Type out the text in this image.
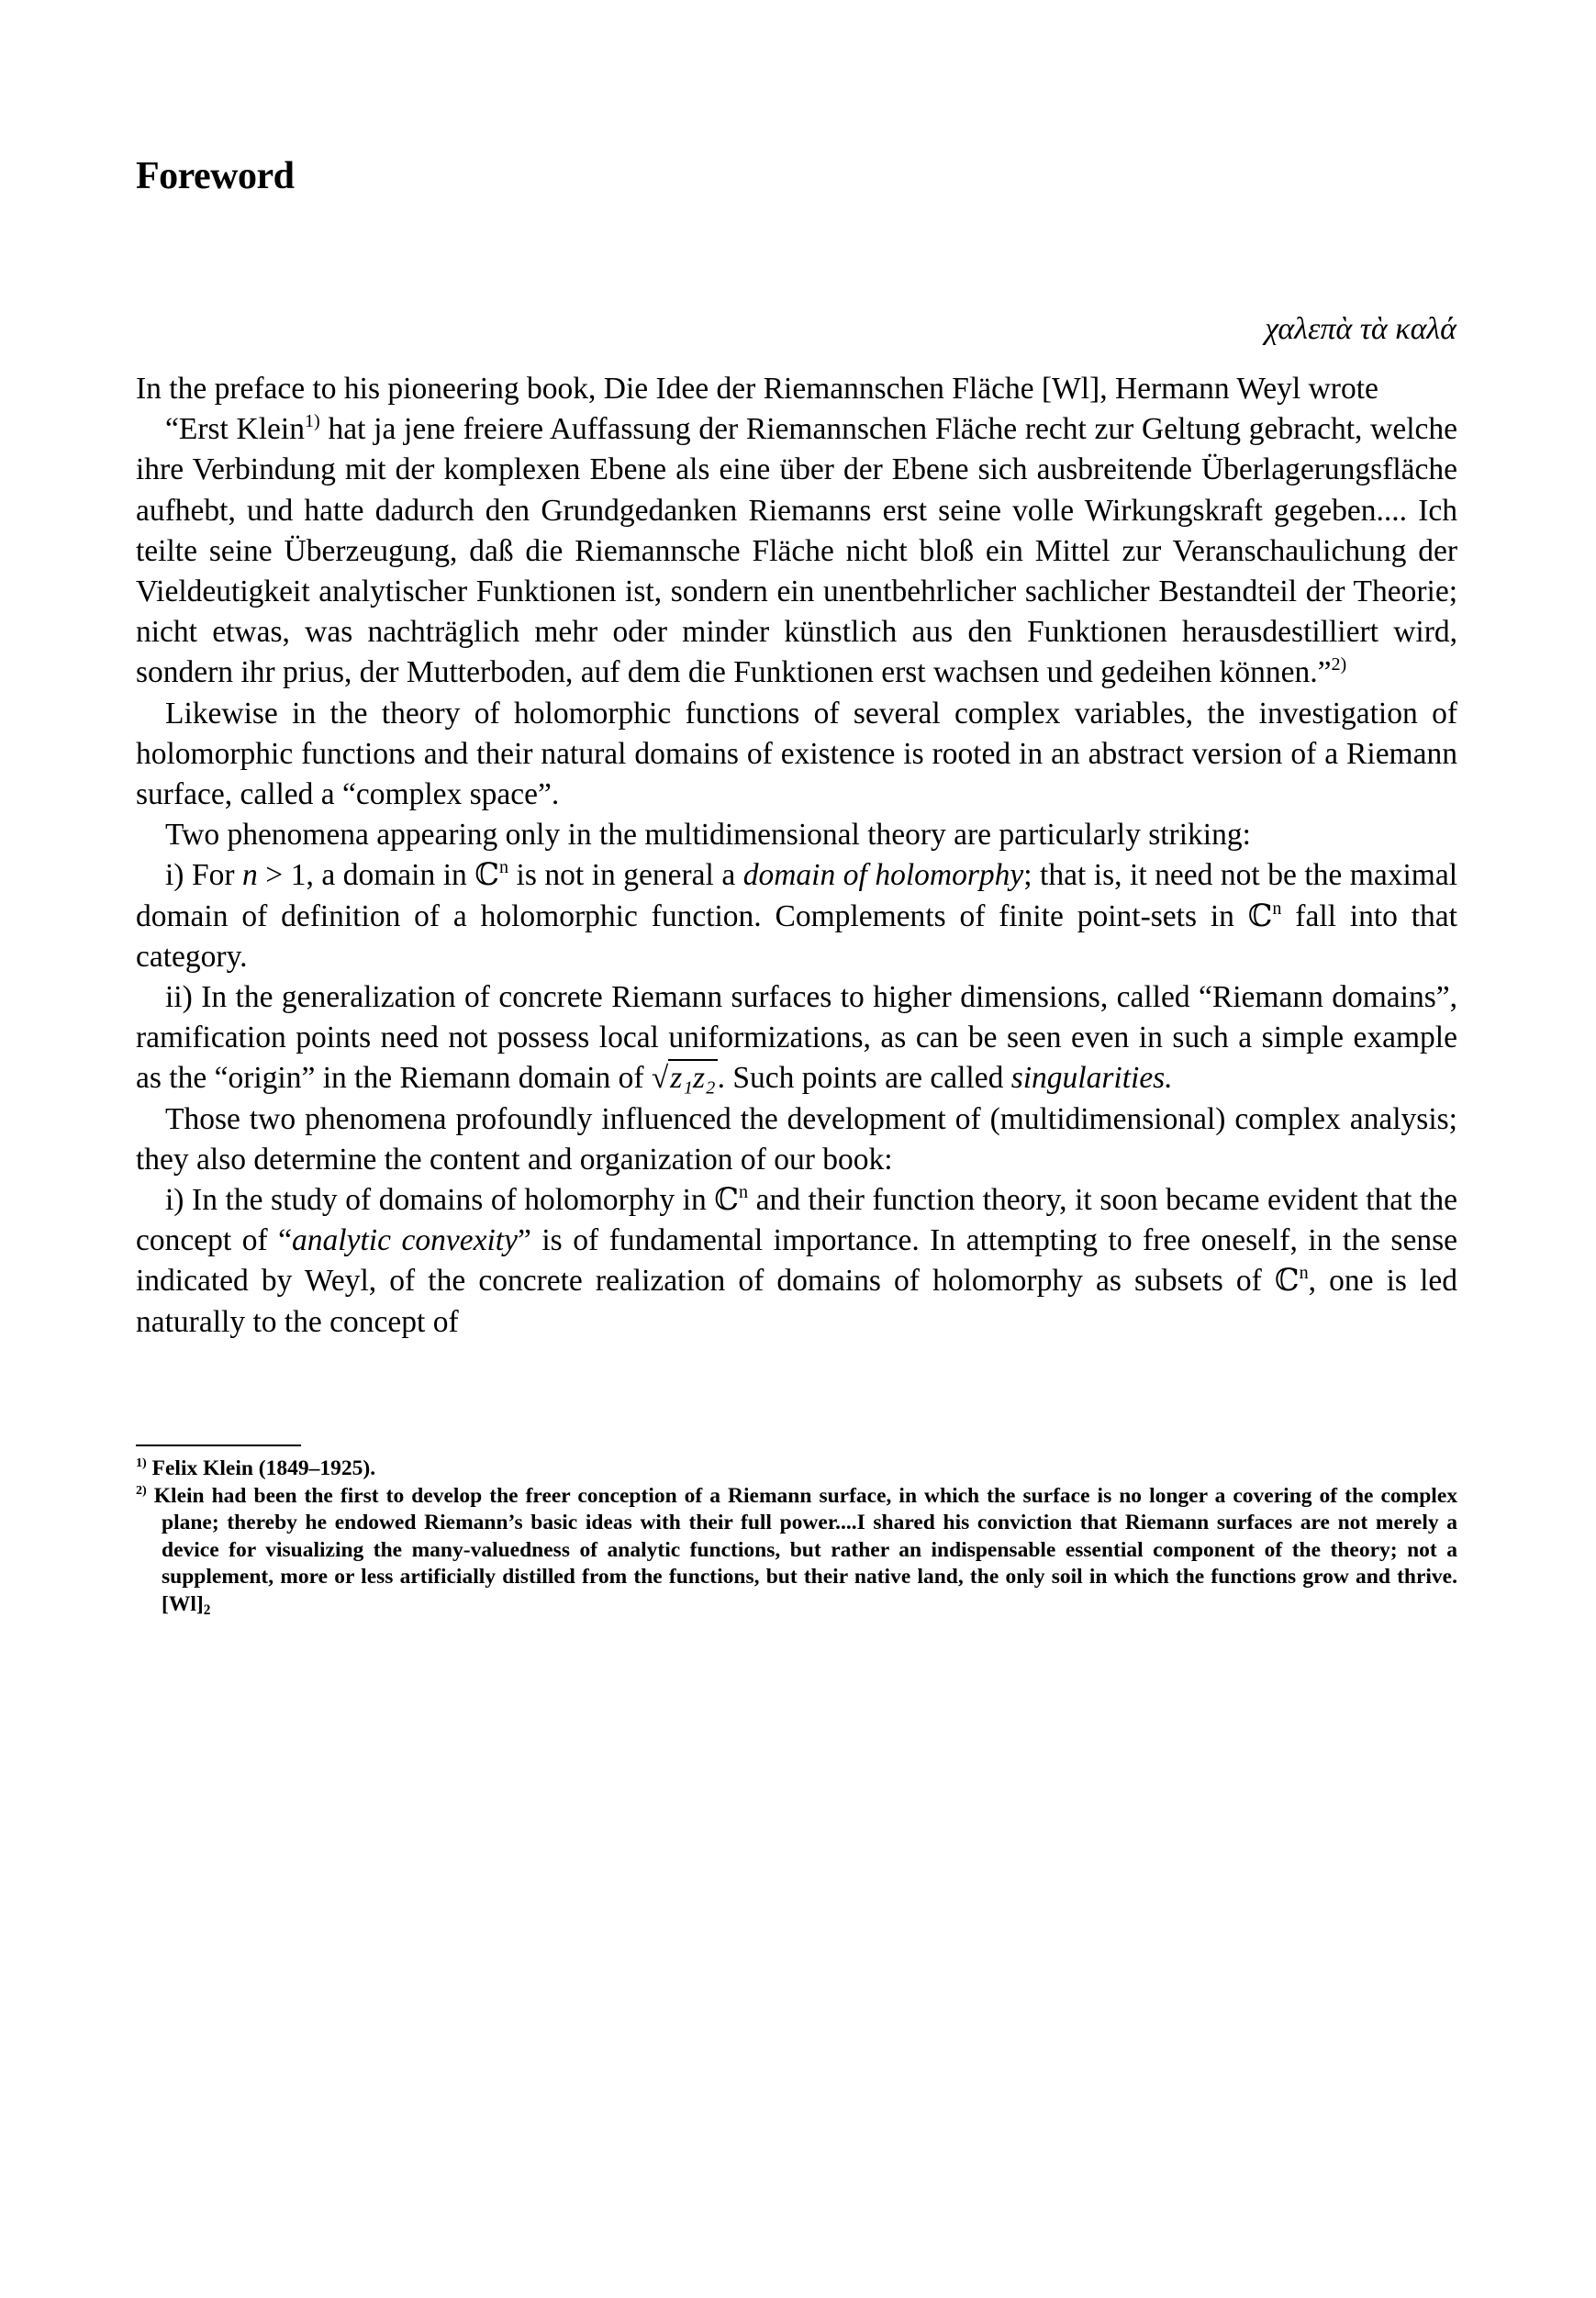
Foreword
χαλεπὰ τὰ καλά

In the preface to his pioneering book, Die Idee der Riemannschen Fläche [Wl], Hermann Weyl wrote

“Erst Klein$^{1)}$ hat ja jene freiere Auffassung der Riemannschen Fläche recht zur Geltung gebracht, welche ihre Verbindung mit der komplexen Ebene als eine über der Ebene sich ausbreitende Überlagerungsfläche aufhebt, und hatte dadurch den Grundgedanken Riemanns erst seine volle Wirkungskraft gegeben.... Ich teilte seine Überzeugung, daß die Riemannsche Fläche nicht bloß ein Mittel zur Veranschaulichung der Vieldeutigkeit analytischer Funktionen ist, sondern ein unentbehrlicher sachlicher Bestandteil der Theorie; nicht etwas, was nachträglich mehr oder minder künstlich aus den Funktionen herausdestilliert wird, sondern ihr prius, der Mutterboden, auf dem die Funktionen erst wachsen und gedeihen können.”$^{2)}$

Likewise in the theory of holomorphic functions of several complex variables, the investigation of holomorphic functions and their natural domains of existence is rooted in an abstract version of a Riemann surface, called a “complex space”.

Two phenomena appearing only in the multidimensional theory are particularly striking:

i) For n > 1, a domain in ℂ$^n$ is not in general a domain of holomorphy; that is, it need not be the maximal domain of definition of a holomorphic function. Complements of finite point-sets in ℂ$^n$ fall into that category.

ii) In the generalization of concrete Riemann surfaces to higher dimensions, called “Riemann domains”, ramification points need not possess local uniformizations, as can be seen even in such a simple example as the “origin” in the Riemann domain of √z₁z₂. Such points are called singularities.

Those two phenomena profoundly influenced the development of (multidimensional) complex analysis; they also determine the content and organization of our book:

i) In the study of domains of holomorphy in ℂ$^n$ and their function theory, it soon became evident that the concept of “analytic convexity” is of fundamental importance. In attempting to free oneself, in the sense indicated by Weyl, of the concrete realization of domains of holomorphy as subsets of ℂ$^n$, one is led naturally to the concept of

$^{1)}$ Felix Klein (1849–1925).

$^{2)}$ Klein had been the first to develop the freer conception of a Riemann surface, in which the surface is no longer a covering of the complex plane; thereby he endowed Riemann’s basic ideas with their full power....I shared his conviction that Riemann surfaces are not merely a device for visualizing the many-valuedness of analytic functions, but rather an indispensable essential component of the theory; not a supplement, more or less artificially distilled from the functions, but their native land, the only soil in which the functions grow and thrive. $[Wl]_2$
